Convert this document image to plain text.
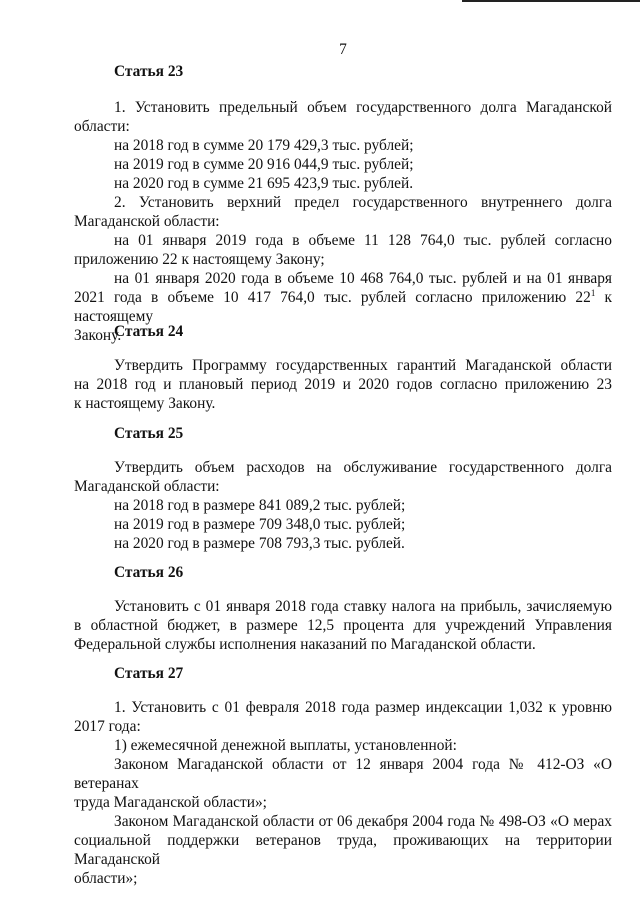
7
Статья 23

1. Установить предельный объем государственного долга Магаданской

области:

на 2018 год в сумме 20 179 429,3 тыс. рублей;

на 2019 год в сумме 20 916 044,9 тыс. рублей;

на 2020 год в сумме 21 695 423,9 тыс. рублей.

2. Установить верхний предел государственного внутреннего долга

Магаданской области:

на 01 января 2019 года в объеме 11 128 764,0 тыс. рублей согласно

приложению 22 к настоящему Закону;

на 01 января 2020 года в объеме 10 468 764,0 тыс. рублей и на 01 января

2021 года в объеме 10 417 764,0 тыс. рублей согласно приложению $22^1$ к настоящему

Закону.

Статья 24

Утвердить Программу государственных гарантий Магаданской области

на 2018 год и плановый период 2019 и 2020 годов согласно приложению 23

к настоящему Закону.

Статья 25

Утвердить объем расходов на обслуживание государственного долга

Магаданской области:

на 2018 год в размере 841 089,2 тыс. рублей;

на 2019 год в размере 709 348,0 тыс. рублей;

на 2020 год в размере 708 793,3 тыс. рублей.

Статья 26

Установить с 01 января 2018 года ставку налога на прибыль, зачисляемую

в областной бюджет, в размере 12,5 процента для учреждений Управления

Федеральной службы исполнения наказаний по Магаданской области.

Статья 27

1. Установить с 01 февраля 2018 года размер индексации 1,032 к уровню

2017 года:

1) ежемесячной денежной выплаты, установленной:

Законом Магаданской области от 12 января 2004 года № 412-ОЗ «О ветеранах

труда Магаданской области»;

Законом Магаданской области от 06 декабря 2004 года № 498-ОЗ «О мерах

социальной поддержки ветеранов труда, проживающих на территории Магаданской

области»;
